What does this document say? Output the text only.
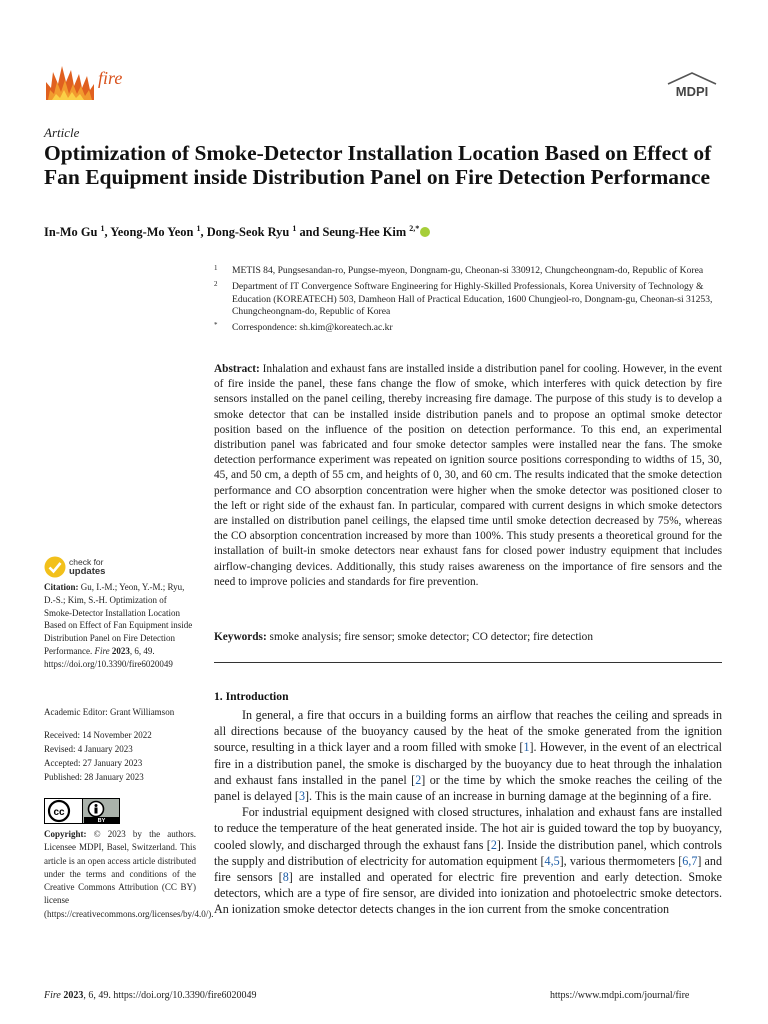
fire
MDPI
Article
Optimization of Smoke-Detector Installation Location Based on Effect of Fan Equipment inside Distribution Panel on Fire Detection Performance
In-Mo Gu $^1$, Yeong-Mo Yeon $^1$, Dong-Seok Ryu $^1$ and Seung-Hee Kim $^{2,*}$
1 METIS 84, Pungsesandan-ro, Pungse-myeon, Dongnam-gu, Cheonan-si 330912, Chungcheongnam-do, Republic of Korea
2 Department of IT Convergence Software Engineering for Highly-Skilled Professionals, Korea University of Technology & Education (KOREATECH) 503, Damheon Hall of Practical Education, 1600 Chungjeol-ro, Dongnam-gu, Cheonan-si 31253, Chungcheongnam-do, Republic of Korea
* Correspondence: sh.kim@koreatech.ac.kr
Abstract: Inhalation and exhaust fans are installed inside a distribution panel for cooling. However, in the event of fire inside the panel, these fans change the flow of smoke, which interferes with quick detection by fire sensors installed on the panel ceiling, thereby increasing fire damage. The purpose of this study is to develop a smoke detector that can be installed inside distribution panels and to propose an optimal smoke detector position based on the influence of the position on detection performance. To this end, an experimental distribution panel was fabricated and four smoke detector samples were installed near the fans. The smoke detection performance experiment was repeated on ignition source positions corresponding to widths of 15, 30, 45, and 50 cm, a depth of 55 cm, and heights of 0, 30, and 60 cm. The results indicated that the smoke detection performance and CO absorption concentration were higher when the smoke detector was positioned closer to the left or right side of the exhaust fan. In particular, compared with current designs in which smoke detectors are installed on distribution panel ceilings, the elapsed time until smoke detection decreased by 75%, whereas the CO absorption concentration increased by more than 100%. This study presents a theoretical ground for the installation of built-in smoke detectors near exhaust fans for closed power industry equipment that includes airflow-changing devices. Additionally, this study raises awareness on the importance of fire sensors and the need to improve policies and standards for fire prevention.
Keywords: smoke analysis; fire sensor; smoke detector; CO detector; fire detection
1. Introduction

In general, a fire that occurs in a building forms an airflow that reaches the ceiling and spreads in all directions because of the buoyancy caused by the heat of the smoke generated from the ignition source, resulting in a thick layer and a room filled with smoke [1]. However, in the event of an electrical fire in a distribution panel, the smoke is discharged by the buoyancy due to heat through the inhalation and exhaust fans installed in the panel [2] or the time by which the smoke reaches the ceiling of the panel is delayed [3]. This is the main cause of an increase in burning damage at the beginning of a fire.

For industrial equipment designed with closed structures, inhalation and exhaust fans are installed to reduce the temperature of the heat generated inside. The hot air is guided toward the top by buoyancy, cooled slowly, and discharged through the exhaust fans [2]. Inside the distribution panel, which controls the supply and distribution of electricity for automation equipment [4,5], various thermometers [6,7] and fire sensors [8] are installed and operated for electric fire prevention and early detection. Smoke detectors, which are a type of fire sensor, are divided into ionization and photoelectric smoke detectors. An ionization smoke detector detects changes in the ion current from the smoke concentration

check for
updates
Citation: Gu, I.-M.; Yeon, Y.-M.; Ryu, D.-S.; Kim, S.-H. Optimization of Smoke-Detector Installation Location Based on Effect of Fan Equipment inside Distribution Panel on Fire Detection Performance. Fire 2023, 6, 49. https://doi.org/10.3390/fire6020049
Academic Editor: Grant Williamson
Received: 14 November 2022
Revised: 4 January 2023
Accepted: 27 January 2023
Published: 28 January 2023
cc
BY
Copyright: © 2023 by the authors. Licensee MDPI, Basel, Switzerland. This article is an open access article distributed under the terms and conditions of the Creative Commons Attribution (CC BY) license (https://creativecommons.org/licenses/by/4.0/).
Fire 2023, 6, 49. https://doi.org/10.3390/fire6020049	https://www.mdpi.com/journal/fire
